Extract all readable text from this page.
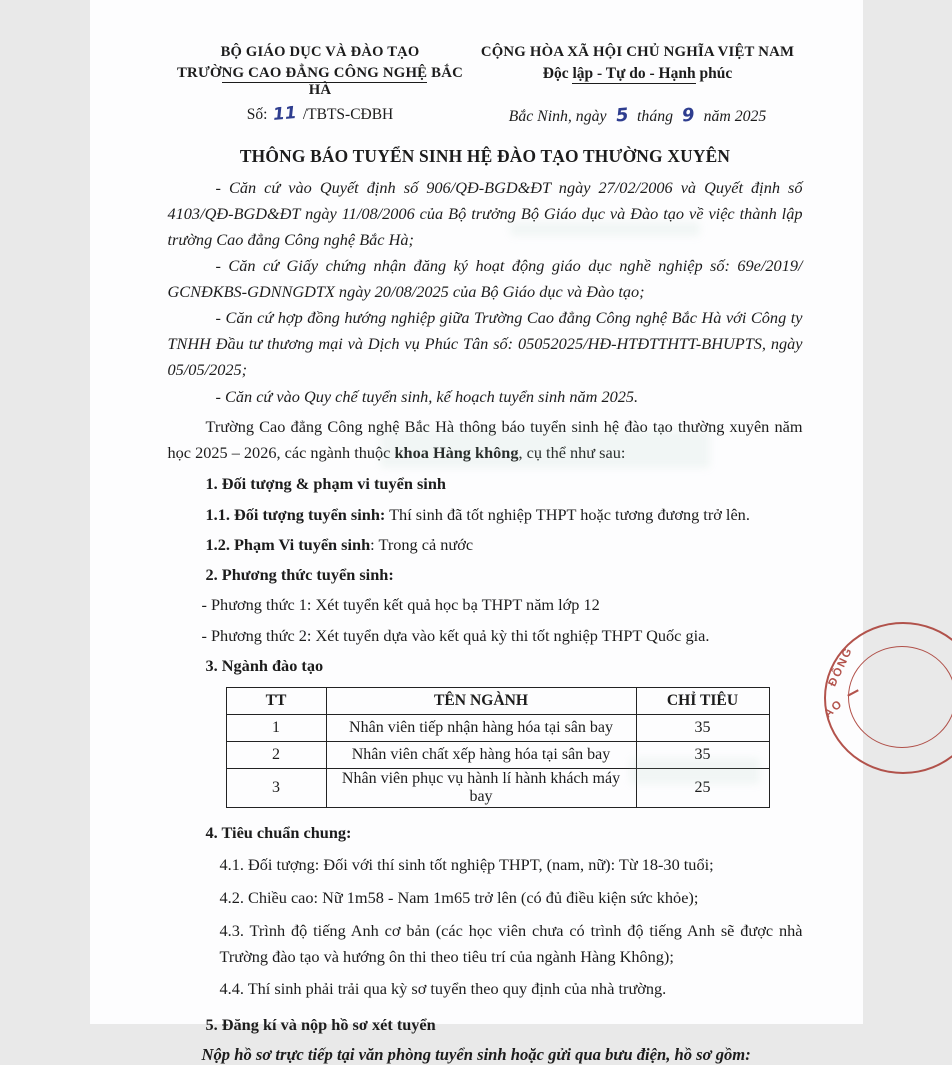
BỘ GIÁO DỤC VÀ ĐÀO TẠO
TRƯỜNG CAO ĐẲNG CÔNG NGHỆ BẮC HÀ
Số: 11 /TBTS-CĐBH
CỘNG HÒA XÃ HỘI CHỦ NGHĨA VIỆT NAM
Độc lập - Tự do - Hạnh phúc
Bắc Ninh, ngày 5 tháng 9 năm 2025
THÔNG BÁO TUYỂN SINH HỆ ĐÀO TẠO THƯỜNG XUYÊN

- Căn cứ vào Quyết định số 906/QĐ-BGD&ĐT ngày 27/02/2006 và Quyết định số 4103/QĐ-BGD&ĐT ngày 11/08/2006 của Bộ trưởng Bộ Giáo dục và Đào tạo về việc thành lập trường Cao đẳng Công nghệ Bắc Hà;

- Căn cứ Giấy chứng nhận đăng ký hoạt động giáo dục nghề nghiệp số: 69e/2019/ GCNĐKBS-GDNNGDTX ngày 20/08/2025 của Bộ Giáo dục và Đào tạo;

- Căn cứ hợp đồng hướng nghiệp giữa Trường Cao đẳng Công nghệ Bắc Hà với Công ty TNHH Đầu tư thương mại và Dịch vụ Phúc Tân số: 05052025/HĐ-HTĐTTHTT-BHUPTS, ngày 05/05/2025;

- Căn cứ vào Quy chế tuyển sinh, kế hoạch tuyển sinh năm 2025.

Trường Cao đẳng Công nghệ Bắc Hà thông báo tuyển sinh hệ đào tạo thường xuyên năm học 2025 – 2026, các ngành thuộc khoa Hàng không, cụ thể như sau:

1. Đối tượng & phạm vi tuyển sinh

1.1. Đối tượng tuyển sinh: Thí sinh đã tốt nghiệp THPT hoặc tương đương trở lên.

1.2. Phạm Vi tuyển sinh: Trong cả nước

2. Phương thức tuyển sinh:

- Phương thức 1: Xét tuyển kết quả học bạ THPT năm lớp 12

- Phương thức 2: Xét tuyển dựa vào kết quả kỳ thi tốt nghiệp THPT Quốc gia.

3. Ngành đào tạo

TT	TÊN NGÀNH	CHỈ TIÊU
1	Nhân viên tiếp nhận hàng hóa tại sân bay	35
2	Nhân viên chất xếp hàng hóa tại sân bay	35
3	Nhân viên phục vụ hành lí hành khách máy bay	25

4. Tiêu chuẩn chung:

4.1. Đối tượng: Đối với thí sinh tốt nghiệp THPT, (nam, nữ): Từ 18-30 tuổi;

4.2. Chiều cao: Nữ 1m58 - Nam 1m65 trở lên (có đủ điều kiện sức khỏe);

4.3. Trình độ tiếng Anh cơ bản (các học viên chưa có trình độ tiếng Anh sẽ được nhà Trường đào tạo và hướng ôn thi theo tiêu trí của ngành Hàng Không);

4.4. Thí sinh phải trải qua kỳ sơ tuyển theo quy định của nhà trường.

5. Đăng kí và nộp hồ sơ xét tuyển

Nộp hồ sơ trực tiếp tại văn phòng tuyển sinh hoặc gửi qua bưu điện, hồ sơ gồm:

ĐÔNG
AO
